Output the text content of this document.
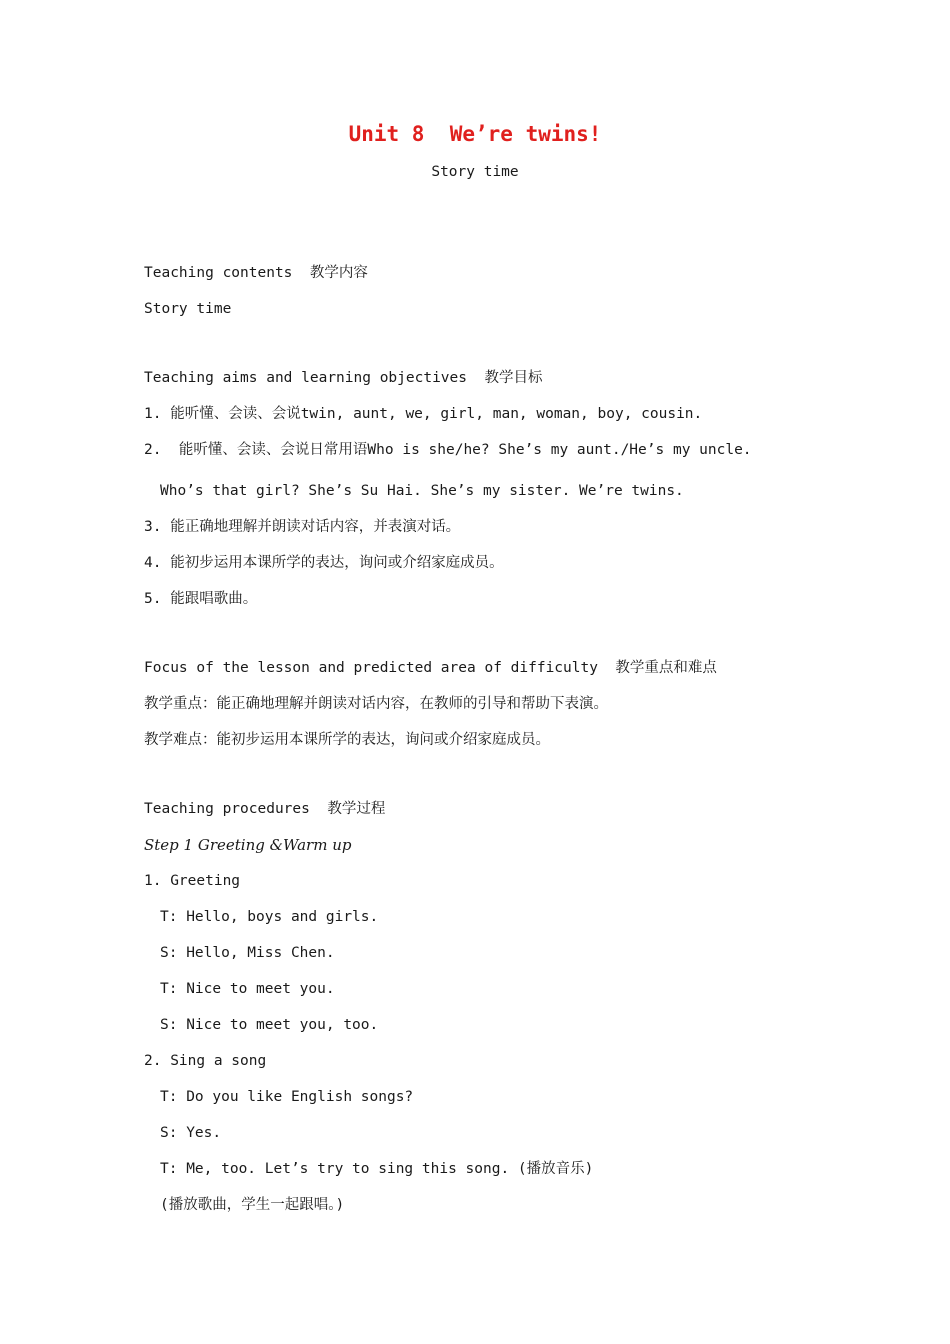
Unit 8  We’re twins!
Story time
Teaching contents  教学内容
Story time
Teaching aims and learning objectives  教学目标
1. 能听懂、会读、会说twin, aunt, we, girl, man, woman, boy, cousin.
2.  能听懂、会读、会说日常用语Who is she/he? She’s my aunt./He’s my uncle.
Who’s that girl? She’s Su Hai. She’s my sister. We’re twins.
3. 能正确地理解并朗读对话内容，并表演对话。
4. 能初步运用本课所学的表达，询问或介绍家庭成员。
5. 能跟唱歌曲。
Focus of the lesson and predicted area of difficulty  教学重点和难点
教学重点：能正确地理解并朗读对话内容，在教师的引导和帮助下表演。
教学难点：能初步运用本课所学的表达，询问或介绍家庭成员。
Teaching procedures  教学过程
Step 1 Greeting &Warm up
1. Greeting
T: Hello, boys and girls.
S: Hello, Miss Chen.
T: Nice to meet you.
S: Nice to meet you, too.
2. Sing a song
T: Do you like English songs?
S: Yes.
T: Me, too. Let’s try to sing this song. (播放音乐)
(播放歌曲，学生一起跟唱。)
